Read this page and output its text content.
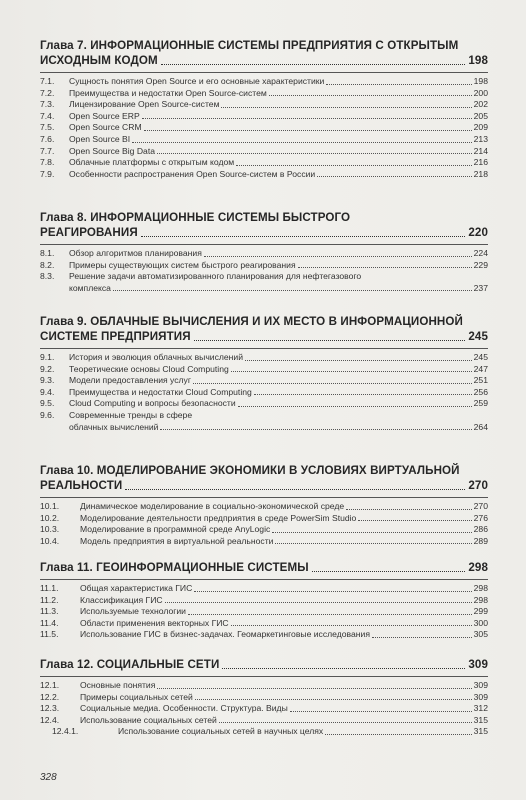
Глава 7. ИНФОРМАЦИОННЫЕ СИСТЕМЫ ПРЕДПРИЯТИЯ С ОТКРЫТЫМ
ИСХОДНЫМ КОДОМ	198
7.1.	Сущность понятия Open Source и его основные характеристики	198
7.2.	Преимущества и недостатки Open Source-систем	200
7.3.	Лицензирование Open Source-систем	202
7.4.	Open Source ERP	205
7.5.	Open Source CRM	209
7.6.	Open Source BI	213
7.7.	Open Source Big Data	214
7.8.	Облачные платформы с открытым кодом	216
7.9.	Особенности распространения Open Source-систем в России	218
Глава 8. ИНФОРМАЦИОННЫЕ СИСТЕМЫ БЫСТРОГО
РЕАГИРОВАНИЯ	220
8.1.	Обзор алгоритмов планирования	224
8.2.	Примеры существующих систем быстрого реагирования	229
8.3.	Решение задачи автоматизированного планирования для нефтегазового
комплекса	237
Глава 9. ОБЛАЧНЫЕ ВЫЧИСЛЕНИЯ И ИХ МЕСТО В ИНФОРМАЦИОННОЙ
СИСТЕМЕ ПРЕДПРИЯТИЯ	245
9.1.	История и эволюция облачных вычислений	245
9.2.	Теоретические основы Cloud Computing	247
9.3.	Модели предоставления услуг	251
9.4.	Преимущества и недостатки Cloud Computing	256
9.5.	Cloud Computing и вопросы безопасности	259
9.6.	Современные тренды в сфере
облачных вычислений	264
Глава 10. МОДЕЛИРОВАНИЕ ЭКОНОМИКИ В УСЛОВИЯХ ВИРТУАЛЬНОЙ
РЕАЛЬНОСТИ	270
10.1.	Динамическое моделирование в социально-экономической среде	270
10.2.	Моделирование деятельности предприятия в среде PowerSim Studio	276
10.3.	Моделирование в программной среде AnyLogic	286
10.4.	Модель предприятия в виртуальной реальности	289
Глава 11. ГЕОИНФОРМАЦИОННЫЕ СИСТЕМЫ	298
11.1.	Общая характеристика ГИС	298
11.2.	Классификация ГИС	298
11.3.	Используемые технологии	299
11.4.	Области применения векторных ГИС	300
11.5.	Использование ГИС в бизнес-задачах. Геомаркетинговые исследования	305
Глава 12. СОЦИАЛЬНЫЕ СЕТИ	309
12.1.	Основные понятия	309
12.2.	Примеры социальных сетей	309
12.3.	Социальные медиа. Особенности. Структура. Виды	312
12.4.	Использование социальных сетей	315
12.4.1.	Использование социальных сетей в научных целях	315
328
